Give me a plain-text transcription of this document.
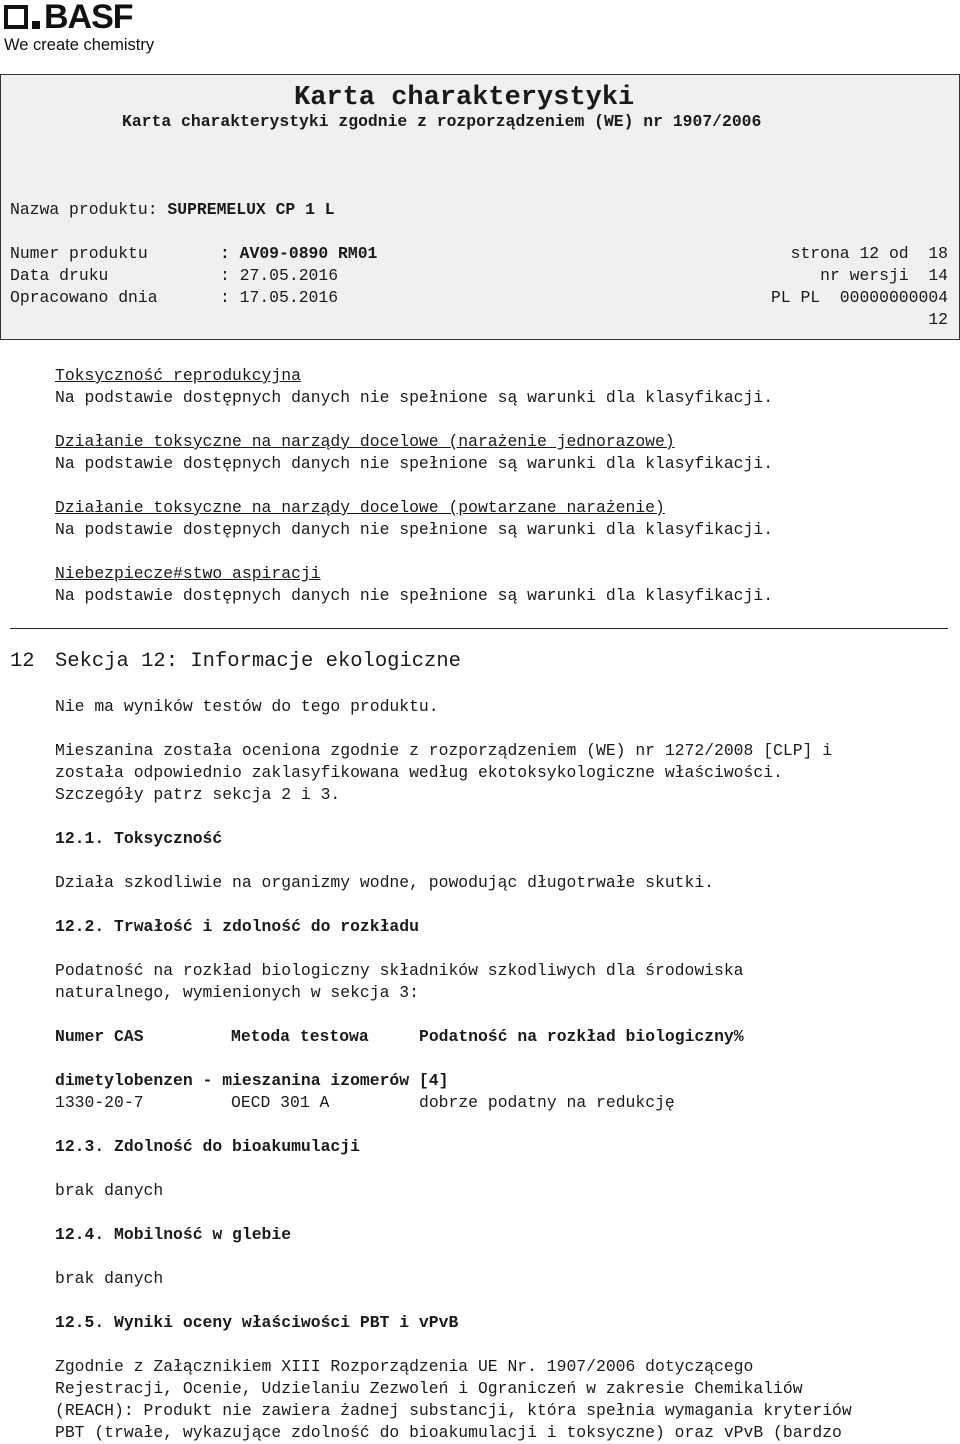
BASF
We create chemistry
Karta charakterystyki
Karta charakterystyki zgodnie z rozporządzeniem (WE) nr 1907/2006
Nazwa produktu: SUPREMELUX CP 1 L
Numer produktu	: AV09-0890 RM01
Data druku	: 27.05.2016
Opracowano dnia	: 17.05.2016
strona 12 od  18
nr wersji  14
PL PL  00000000004
12
Toksyczność reprodukcyjna
Na podstawie dostępnych danych nie spełnione są warunki dla klasyfikacji.
Działanie toksyczne na narządy docelowe (narażenie jednorazowe)
Na podstawie dostępnych danych nie spełnione są warunki dla klasyfikacji.
Działanie toksyczne na narządy docelowe (powtarzane narażenie)
Na podstawie dostępnych danych nie spełnione są warunki dla klasyfikacji.
Niebezpiecze#stwo aspiracji
Na podstawie dostępnych danych nie spełnione są warunki dla klasyfikacji.
12 Sekcja 12: Informacje ekologiczne
Nie ma wyników testów do tego produktu.
Mieszanina została oceniona zgodnie z rozporządzeniem (WE) nr 1272/2008 [CLP] i
została odpowiednio zaklasyfikowana według ekotoksykologiczne właściwości.
Szczegóły patrz sekcja 2 i 3.
12.1. Toksyczność
Działa szkodliwie na organizmy wodne, powodując długotrwałe skutki.
12.2. Trwałość i zdolność do rozkładu
Podatność na rozkład biologiczny składników szkodliwych dla środowiska
naturalnego, wymienionych w sekcja 3:
Numer CAS	Metoda testowa	Podatność na rozkład biologiczny%
dimetylobenzen - mieszanina izomerów [4]
1330-20-7	OECD 301 A	dobrze podatny na redukcję
12.3. Zdolność do bioakumulacji
brak danych
12.4. Mobilność w glebie
brak danych
12.5. Wyniki oceny właściwości PBT i vPvB
Zgodnie z Załącznikiem XIII Rozporządzenia UE Nr. 1907/2006 dotyczącego
Rejestracji, Ocenie, Udzielaniu Zezwoleń i Ograniczeń w zakresie Chemikaliów
(REACH): Produkt nie zawiera żadnej substancji, która spełnia wymagania kryteriów
PBT (trwałe, wykazujące zdolność do bioakumulacji i toksyczne) oraz vPvB (bardzo
